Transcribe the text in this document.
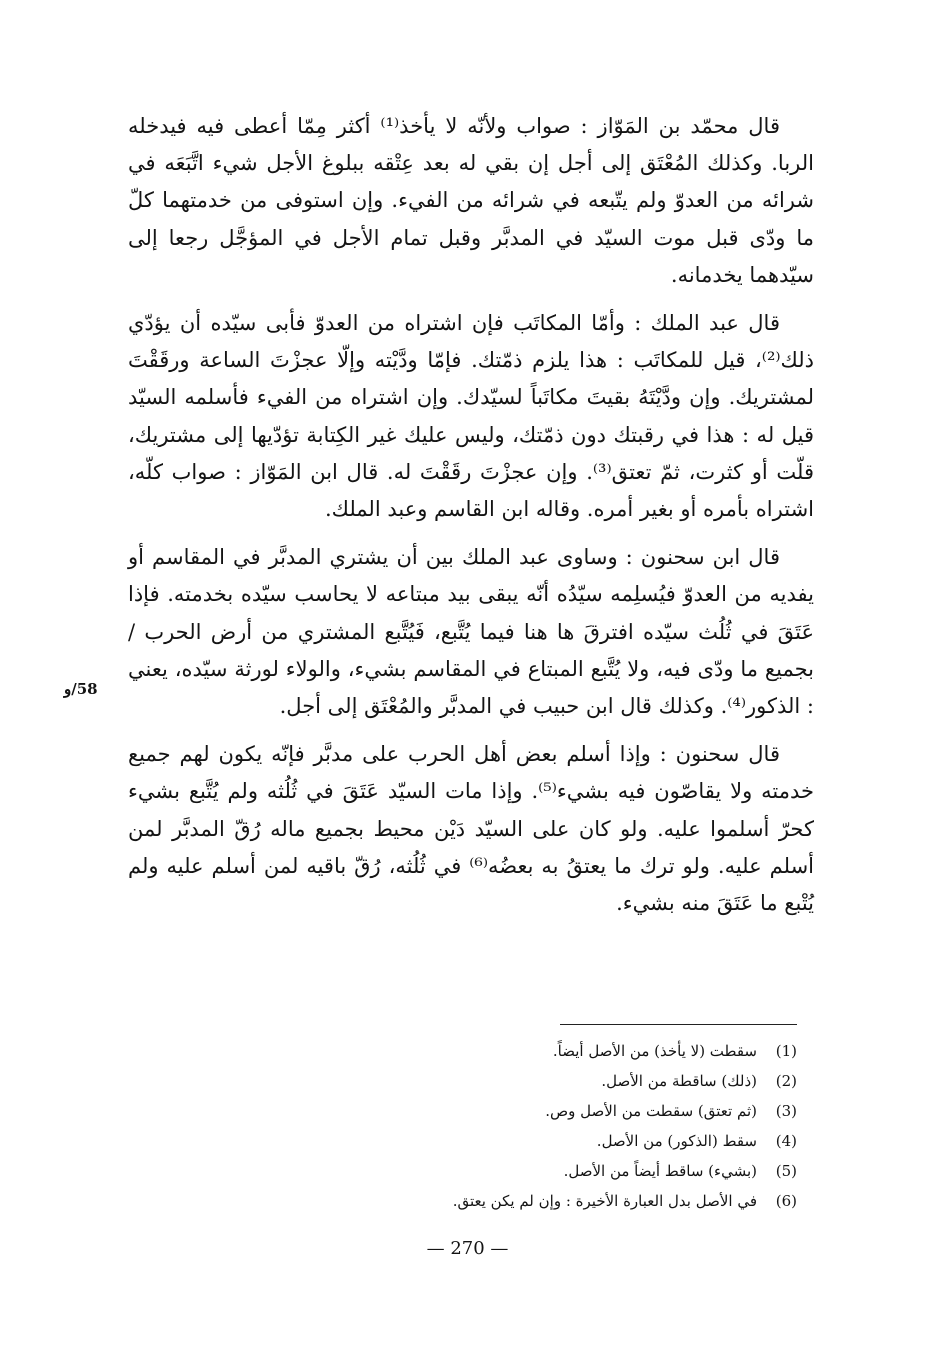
قال محمّد بن المَوّاز : صواب ولأنّه لا يأخذ⁽¹⁾ أكثر مِمّا أعطى فيه فيدخله الربا. وكذلك المُعْتَق إلى أجل إن بقي له بعد عِتْقه ببلوغ الأجل شيء اتَّبَعَه في شرائه من العدوّ ولم يتّبعه في شرائه من الفيء. وإن استوفى من خدمتهما كلّ ما ودّى قبل موت السيّد في المدبَّر وقبل تمام الأجل في المؤجَّل رجعا إلى سيّدهما يخدمانه.

قال عبد الملك : وأمّا المكاتَب فإن اشتراه من العدوّ فأبى سيّده أن يؤدّي ذلك⁽²⁾، قيل للمكاتَب : هذا يلزم ذمّتك. فإمّا ودَّيْته وإلّا عجزْتَ الساعة ورقَقْتَ لمشتريك. وإن ودَّيْتَهُ بقيتَ مكاتَباً لسيّدك. وإن اشتراه من الفيء فأسلمه السيّد قيل له : هذا في رقبتك دون ذمّتك، وليس عليك غير الكِتابة تؤدّيها إلى مشتريك، قلّت أو كثرت، ثمّ تعتق⁽³⁾. وإن عجزْتَ رقَقْتَ له. قال ابن المَوّاز : صواب كلّه، اشتراه بأمره أو بغير أمره. وقاله ابن القاسم وعبد الملك.

قال ابن سحنون : وساوى عبد الملك بين أن يشتري المدبَّر في المقاسم أو يفديه من العدوّ فيُسلِمه سيّدُه أنّه يبقى بيد مبتاعه لا يحاسب سيّده بخدمته. فإذا عَتَقَ في ثُلُث سيّده افترقَ ها هنا فيما يُتَّبع، فَيُتَّبع المشتري من أرض الحرب / بجميع ما ودّى فيه، ولا يُتَّبع المبتاع في المقاسم بشيء، والولاء لورثة سيّده، يعني : الذكور⁽⁴⁾. وكذلك قال ابن حبيب في المدبَّر والمُعْتَق إلى أجل.

قال سحنون : وإذا أسلم بعض أهل الحرب على مدبَّر فإنّه يكون لهم جميع خدمته ولا يقاصّون فيه بشيء⁽⁵⁾. وإذا مات السيّد عَتَقَ في ثُلُثه ولم يُتَّبع بشيء كحرّ أسلموا عليه. ولو كان على السيّد دَيْن محيط بجميع ماله رُقّ المدبَّر لمن أسلم عليه. ولو ترك ما يعتقُ به بعضُه⁽⁶⁾ في ثُلُثه، رُقّ باقيه لمن أسلم عليه ولم يُتْبع ما عَتَقَ منه بشيء.

58/و
(1)سقطت (لا يأخذ) من الأصل أيضاً.
(2)(ذلك) ساقطة من الأصل.
(3)(ثم تعتق) سقطت من الأصل وص.
(4)سقط (الذكور) من الأصل.
(5)(بشيء) ساقط أيضاً من الأصل.
(6)في الأصل بدل العبارة الأخيرة : وإن لم يكن يعتق.
— 270 —
